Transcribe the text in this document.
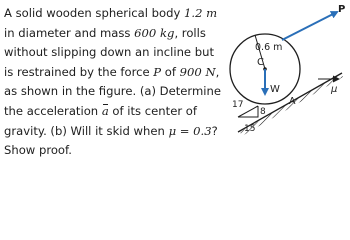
A solid wooden spherical body 1.2 m
in diameter and mass 600 kg, rolls
without slipping down an incline but
is restrained by the force P of 900 N,
as shown in the figure. (a) Determine
the acceleration a of its center of
gravity. (b) Will it skid when μ = 0.3?
Show proof.
0.6 m
C
W
A
P
μ
8
17
15
